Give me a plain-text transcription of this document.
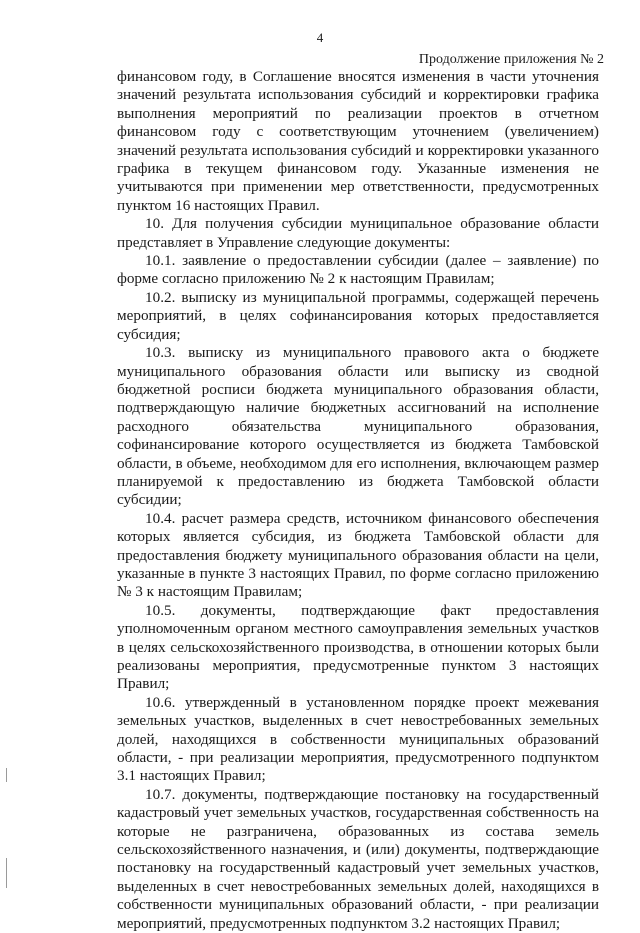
4
Продолжение приложения № 2

финансовом году, в Соглашение вносятся изменения в части уточнения значений результата использования субсидий и корректировки графика выполнения мероприятий по реализации проектов в отчетном финансовом году с соответствующим уточнением (увеличением) значений результата использования субсидий и корректировки указанного графика в текущем финансовом году. Указанные изменения не учитываются при применении мер ответственности, предусмотренных пунктом 16 настоящих Правил.

10. Для получения субсидии муниципальное образование области представляет в Управление следующие документы:

10.1. заявление о предоставлении субсидии (далее – заявление) по форме согласно приложению № 2 к настоящим Правилам;

10.2. выписку из муниципальной программы, содержащей перечень мероприятий, в целях софинансирования которых предоставляется субсидия;

10.3. выписку из муниципального правового акта о бюджете муниципального образования области или выписку из сводной бюджетной росписи бюджета муниципального образования области, подтверждающую наличие бюджетных ассигнований на исполнение расходного обязательства муниципального образования, софинансирование которого осуществляется из бюджета Тамбовской области, в объеме, необходимом для его исполнения, включающем размер планируемой к предоставлению из бюджета Тамбовской области субсидии;

10.4. расчет размера средств, источником финансового обеспечения которых является субсидия, из бюджета Тамбовской области для предоставления бюджету муниципального образования области на цели, указанные в пункте 3 настоящих Правил, по форме согласно приложению № 3 к настоящим Правилам;

10.5. документы, подтверждающие факт предоставления уполномоченным органом местного самоуправления земельных участков в целях сельскохозяйственного производства, в отношении которых были реализованы мероприятия, предусмотренные пунктом 3 настоящих Правил;

10.6. утвержденный в установленном порядке проект межевания земельных участков, выделенных в счет невостребованных земельных долей, находящихся в собственности муниципальных образований области, - при реализации мероприятия, предусмотренного подпунктом 3.1 настоящих Правил;

10.7. документы, подтверждающие постановку на государственный кадастровый учет земельных участков, государственная собственность на которые не разграничена, образованных из состава земель сельскохозяйственного назначения, и (или) документы, подтверждающие постановку на государственный кадастровый учет земельных участков, выделенных в счет невостребованных земельных долей, находящихся в собственности муниципальных образований области, - при реализации мероприятий, предусмотренных подпунктом 3.2 настоящих Правил;
